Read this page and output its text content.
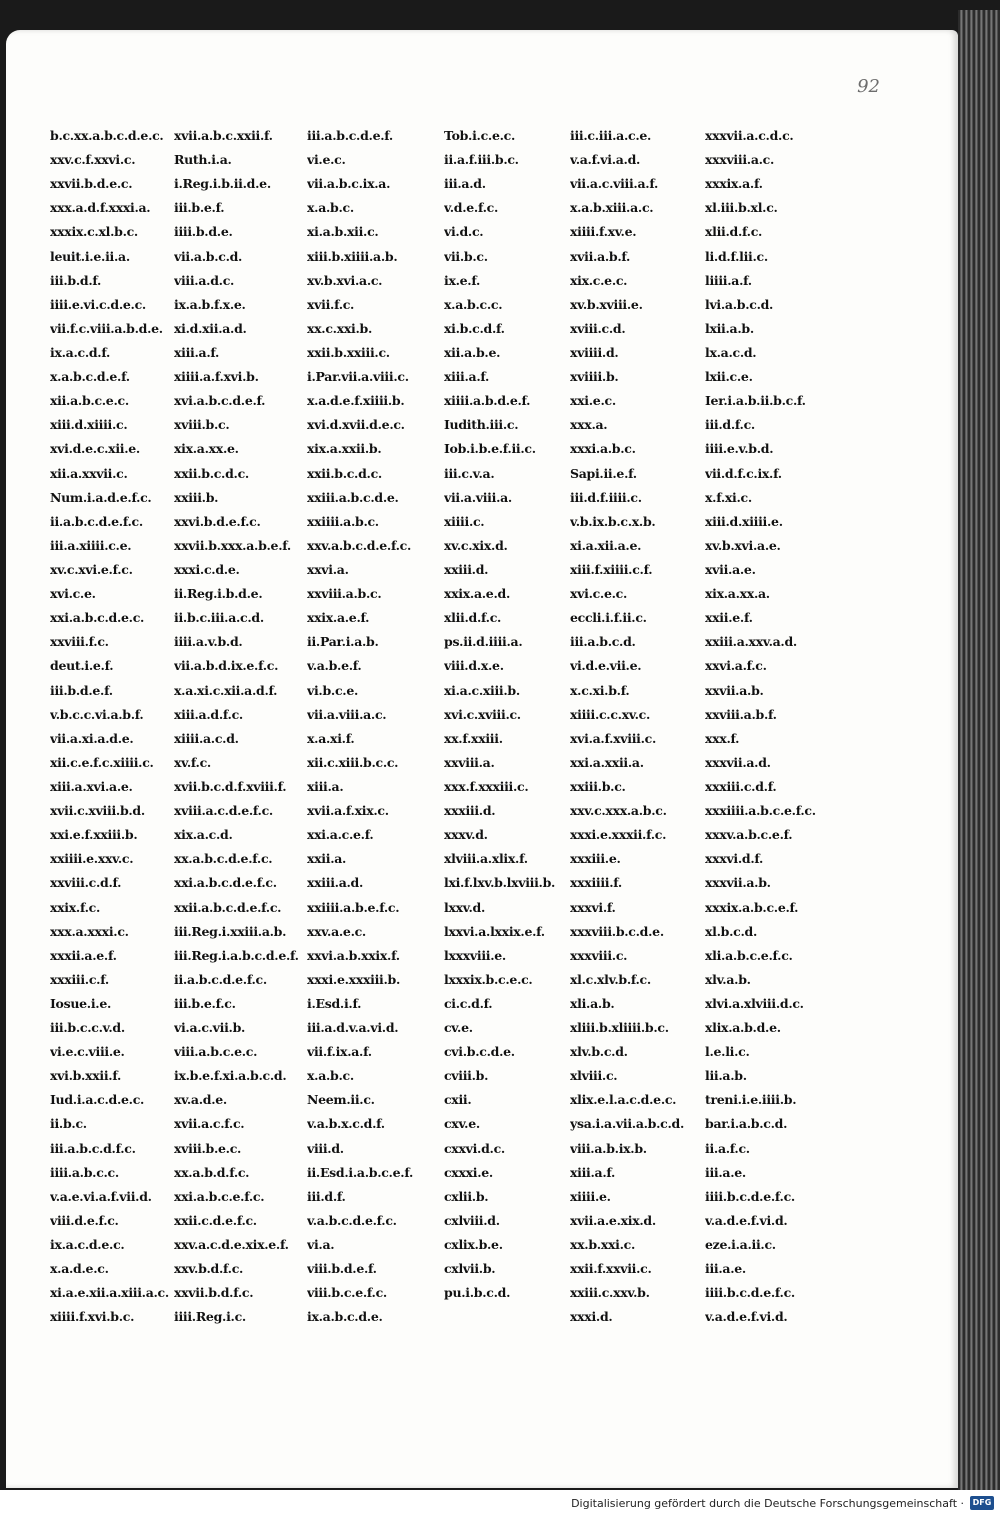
92
b.c.xx.a.b.c.d.e.c.
xxv.c.f.xxvi.c.
xxvii.b.d.e.c.
xxx.a.d.f.xxxi.a.
xxxix.c.xl.b.c.
leuit.i.e.ii.a.
iii.b.d.f.
iiii.e.vi.c.d.e.c.
vii.f.c.viii.a.b.d.e.
ix.a.c.d.f.
x.a.b.c.d.e.f.
xii.a.b.c.e.c.
xiii.d.xiiii.c.
xvi.d.e.c.xii.e.
xii.a.xxvii.c.
Num.i.a.d.e.f.c.
ii.a.b.c.d.e.f.c.
iii.a.xiiii.c.e.
xv.c.xvi.e.f.c.
xvi.c.e.
xxi.a.b.c.d.e.c.
xxviii.f.c.
deut.i.e.f.
iii.b.d.e.f.
v.b.c.c.vi.a.b.f.
vii.a.xi.a.d.e.
xii.c.e.f.c.xiiii.c.
xiii.a.xvi.a.e.
xvii.c.xviii.b.d.
xxi.e.f.xxiii.b.
xxiiii.e.xxv.c.
xxviii.c.d.f.
xxix.f.c.
xxx.a.xxxi.c.
xxxii.a.e.f.
xxxiii.c.f.
Iosue.i.e.
iii.b.c.c.v.d.
vi.e.c.viii.e.
xvi.b.xxii.f.
Iud.i.a.c.d.e.c.
ii.b.c.
iii.a.b.c.d.f.c.
iiii.a.b.c.c.
v.a.e.vi.a.f.vii.d.
viii.d.e.f.c.
ix.a.c.d.e.c.
x.a.d.e.c.
xi.a.e.xii.a.xiii.a.c.
xiiii.f.xvi.b.c.
xvii.a.b.c.xxii.f.
Ruth.i.a.
i.Reg.i.b.ii.d.e.
iii.b.e.f.
iiii.b.d.e.
vii.a.b.c.d.
viii.a.d.c.
ix.a.b.f.x.e.
xi.d.xii.a.d.
xiii.a.f.
xiiii.a.f.xvi.b.
xvi.a.b.c.d.e.f.
xviii.b.c.
xix.a.xx.e.
xxii.b.c.d.c.
xxiii.b.
xxvi.b.d.e.f.c.
xxvii.b.xxx.a.b.e.f.
xxxi.c.d.e.
ii.Reg.i.b.d.e.
ii.b.c.iii.a.c.d.
iiii.a.v.b.d.
vii.a.b.d.ix.e.f.c.
x.a.xi.c.xii.a.d.f.
xiii.a.d.f.c.
xiiii.a.c.d.
xv.f.c.
xvii.b.c.d.f.xviii.f.
xviii.a.c.d.e.f.c.
xix.a.c.d.
xx.a.b.c.d.e.f.c.
xxi.a.b.c.d.e.f.c.
xxii.a.b.c.d.e.f.c.
iii.Reg.i.xxiii.a.b.
iii.Reg.i.a.b.c.d.e.f.
ii.a.b.c.d.e.f.c.
iii.b.e.f.c.
vi.a.c.vii.b.
viii.a.b.c.e.c.
ix.b.e.f.xi.a.b.c.d.
xv.a.d.e.
xvii.a.c.f.c.
xviii.b.e.c.
xx.a.b.d.f.c.
xxi.a.b.c.e.f.c.
xxii.c.d.e.f.c.
xxv.a.c.d.e.xix.e.f.
xxv.b.d.f.c.
xxvii.b.d.f.c.
iiii.Reg.i.c.
iii.a.b.c.d.e.f.
vi.e.c.
vii.a.b.c.ix.a.
x.a.b.c.
xi.a.b.xii.c.
xiii.b.xiiii.a.b.
xv.b.xvi.a.c.
xvii.f.c.
xx.c.xxi.b.
xxii.b.xxiii.c.
i.Par.vii.a.viii.c.
x.a.d.e.f.xiiii.b.
xvi.d.xvii.d.e.c.
xix.a.xxii.b.
xxii.b.c.d.c.
xxiii.a.b.c.d.e.
xxiiii.a.b.c.
xxv.a.b.c.d.e.f.c.
xxvi.a.
xxviii.a.b.c.
xxix.a.e.f.
ii.Par.i.a.b.
v.a.b.e.f.
vi.b.c.e.
vii.a.viii.a.c.
x.a.xi.f.
xii.c.xiii.b.c.c.
xiii.a.
xvii.a.f.xix.c.
xxi.a.c.e.f.
xxii.a.
xxiii.a.d.
xxiiii.a.b.e.f.c.
xxv.a.e.c.
xxvi.a.b.xxix.f.
xxxi.e.xxxiii.b.
i.Esd.i.f.
iii.a.d.v.a.vi.d.
vii.f.ix.a.f.
x.a.b.c.
Neem.ii.c.
v.a.b.x.c.d.f.
viii.d.
ii.Esd.i.a.b.c.e.f.
iii.d.f.
v.a.b.c.d.e.f.c.
vi.a.
viii.b.d.e.f.
viii.b.c.e.f.c.
ix.a.b.c.d.e.
Tob.i.c.e.c.
ii.a.f.iii.b.c.
iii.a.d.
v.d.e.f.c.
vi.d.c.
vii.b.c.
ix.e.f.
x.a.b.c.c.
xi.b.c.d.f.
xii.a.b.e.
xiii.a.f.
xiiii.a.b.d.e.f.
Iudith.iii.c.
Iob.i.b.e.f.ii.c.
iii.c.v.a.
vii.a.viii.a.
xiiii.c.
xv.c.xix.d.
xxiii.d.
xxix.a.e.d.
xlii.d.f.c.
ps.ii.d.iiii.a.
viii.d.x.e.
xi.a.c.xiii.b.
xvi.c.xviii.c.
xx.f.xxiii.
xxviii.a.
xxx.f.xxxiii.c.
xxxiii.d.
xxxv.d.
xlviii.a.xlix.f.
lxi.f.lxv.b.lxviii.b.
lxxv.d.
lxxvi.a.lxxix.e.f.
lxxxviii.e.
lxxxix.b.c.e.c.
ci.c.d.f.
cv.e.
cvi.b.c.d.e.
cviii.b.
cxii.
cxv.e.
cxxvi.d.c.
cxxxi.e.
cxlii.b.
cxlviii.d.
cxlix.b.e.
cxlvii.b.
pu.i.b.c.d.
iii.c.iii.a.c.e.
v.a.f.vi.a.d.
vii.a.c.viii.a.f.
x.a.b.xiii.a.c.
xiiii.f.xv.e.
xvii.a.b.f.
xix.c.e.c.
xv.b.xviii.e.
xviii.c.d.
xviiii.d.
xviiii.b.
xxi.e.c.
xxx.a.
xxxi.a.b.c.
Sapi.ii.e.f.
iii.d.f.iiii.c.
v.b.ix.b.c.x.b.
xi.a.xii.a.e.
xiii.f.xiiii.c.f.
xvi.c.e.c.
eccli.i.f.ii.c.
iii.a.b.c.d.
vi.d.e.vii.e.
x.c.xi.b.f.
xiiii.c.c.xv.c.
xvi.a.f.xviii.c.
xxi.a.xxii.a.
xxiii.b.c.
xxv.c.xxx.a.b.c.
xxxi.e.xxxii.f.c.
xxxiii.e.
xxxiiii.f.
xxxvi.f.
xxxviii.b.c.d.e.
xxxviii.c.
xl.c.xlv.b.f.c.
xli.a.b.
xliii.b.xliiii.b.c.
xlv.b.c.d.
xlviii.c.
xlix.e.l.a.c.d.e.c.
ysa.i.a.vii.a.b.c.d.
viii.a.b.ix.b.
xiii.a.f.
xiiii.e.
xvii.a.e.xix.d.
xx.b.xxi.c.
xxii.f.xxvii.c.
xxiii.c.xxv.b.
xxxi.d.
xxxvii.a.c.d.c.
xxxviii.a.c.
xxxix.a.f.
xl.iii.b.xl.c.
xlii.d.f.c.
li.d.f.lii.c.
liiii.a.f.
lvi.a.b.c.d.
lxii.a.b.
lx.a.c.d.
lxii.c.e.
Ier.i.a.b.ii.b.c.f.
iii.d.f.c.
iiii.e.v.b.d.
vii.d.f.c.ix.f.
x.f.xi.c.
xiii.d.xiiii.e.
xv.b.xvi.a.e.
xvii.a.e.
xix.a.xx.a.
xxii.e.f.
xxiii.a.xxv.a.d.
xxvi.a.f.c.
xxvii.a.b.
xxviii.a.b.f.
xxx.f.
xxxvii.a.d.
xxxiii.c.d.f.
xxxiiii.a.b.c.e.f.c.
xxxv.a.b.c.e.f.
xxxvi.d.f.
xxxvii.a.b.
xxxix.a.b.c.e.f.
xl.b.c.d.
xli.a.b.c.e.f.c.
xlv.a.b.
xlvi.a.xlviii.d.c.
xlix.a.b.d.e.
l.e.li.c.
lii.a.b.
treni.i.e.iiii.b.
bar.i.a.b.c.d.
ii.a.f.c.
iii.a.e.
iiii.b.c.d.e.f.c.
v.a.d.e.f.vi.d.
eze.i.a.ii.c.
iii.a.e.
iiii.b.c.d.e.f.c.
v.a.d.e.f.vi.d.
Digitalisierung gefördert durch die Deutsche Forschungsgemeinschaft ·	DFG
